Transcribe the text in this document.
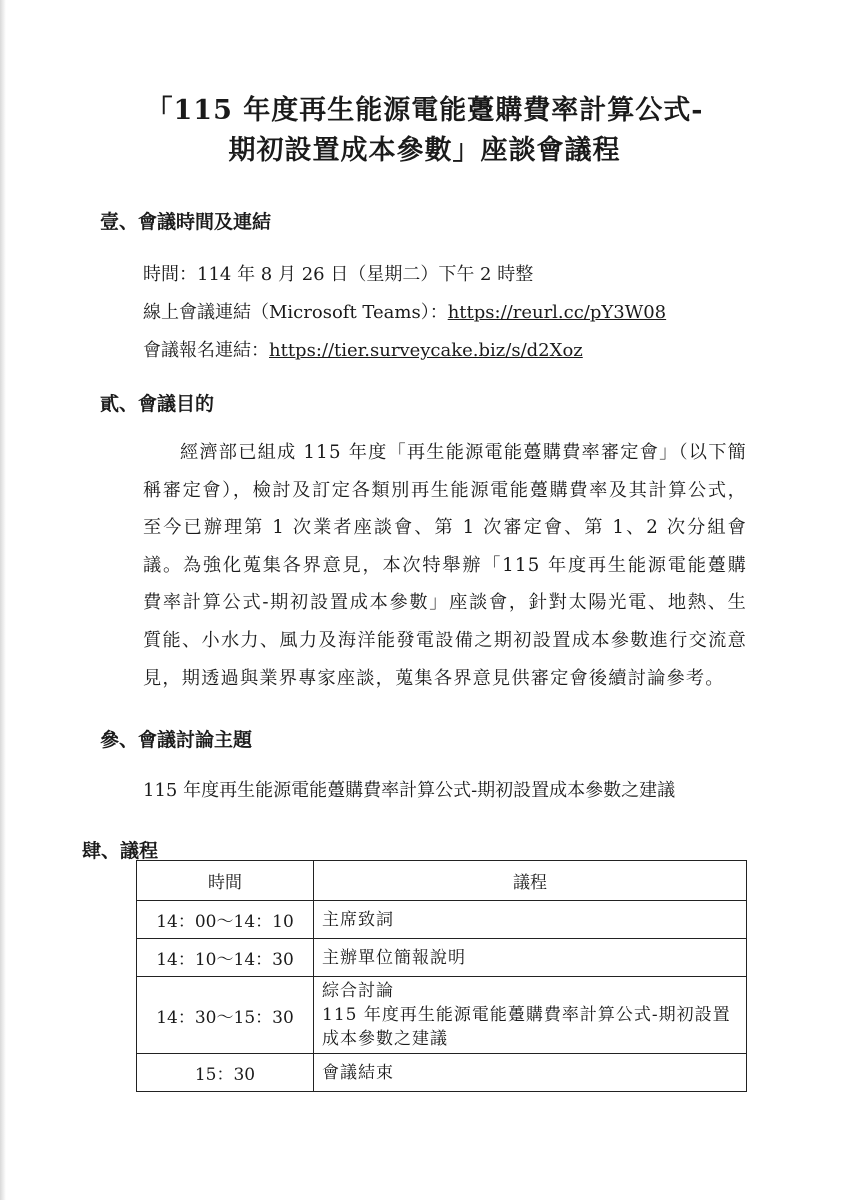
「115 年度再生能源電能躉購費率計算公式-
期初設置成本參數」座談會議程
壹、會議時間及連結
時間：114 年 8 月 26 日（星期二）下午 2 時整
線上會議連結（Microsoft Teams）：https://reurl.cc/pY3W08
會議報名連結：https://tier.surveycake.biz/s/d2Xoz
貳、會議目的
經濟部已組成 115 年度「再生能源電能躉購費率審定會」（以下簡稱審定會），檢討及訂定各類別再生能源電能躉購費率及其計算公式，至今已辦理第 1 次業者座談會、第 1 次審定會、第 1、2 次分組會議。為強化蒐集各界意見，本次特舉辦「115 年度再生能源電能躉購費率計算公式-期初設置成本參數」座談會，針對太陽光電、地熱、生質能、小水力、風力及海洋能發電設備之期初設置成本參數進行交流意見，期透過與業界專家座談，蒐集各界意見供審定會後續討論參考。
參、會議討論主題
115 年度再生能源電能躉購費率計算公式-期初設置成本參數之建議
肆、議程
時間	議程
14：00～14：10	主席致詞
14：10～14：30	主辦單位簡報說明
14：30～15：30	綜合討論
115 年度再生能源電能躉購費率計算公式-期初設置成本參數之建議

15：30	會議結束
